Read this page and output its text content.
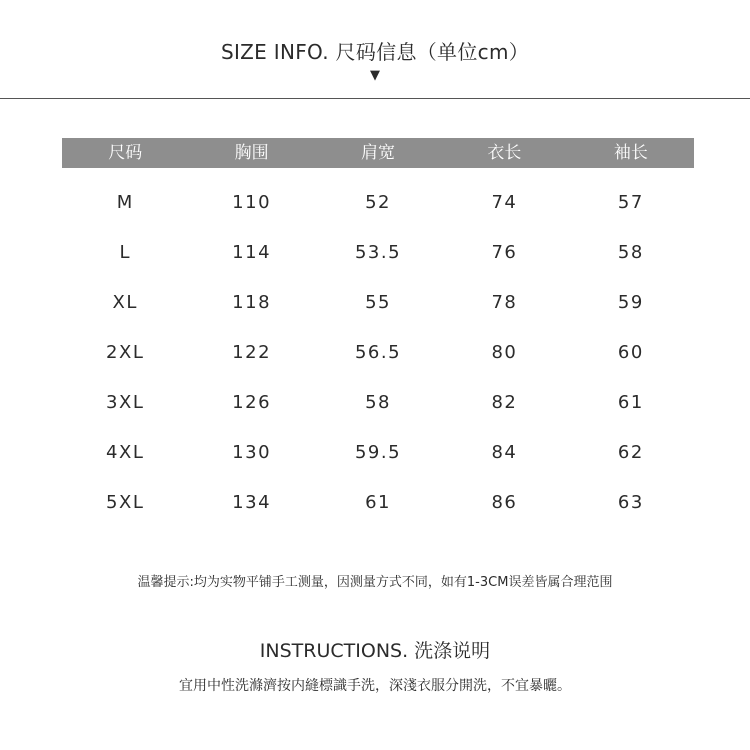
SIZE INFO. 尺码信息（单位cm）
▼
尺码	胸围	肩宽	衣长	袖长
M	110	52	74	57
L	114	53.5	76	58
XL	118	55	78	59
2XL	122	56.5	80	60
3XL	126	58	82	61
4XL	130	59.5	84	62
5XL	134	61	86	63
温馨提示:均为实物平铺手工测量，因测量方式不同，如有1-3CM误差皆属合理范围
INSTRUCTIONS. 洗涤说明
宜用中性洗滌濟按内縫標識手洗，深淺衣服分開洗，不宜暴曬。
